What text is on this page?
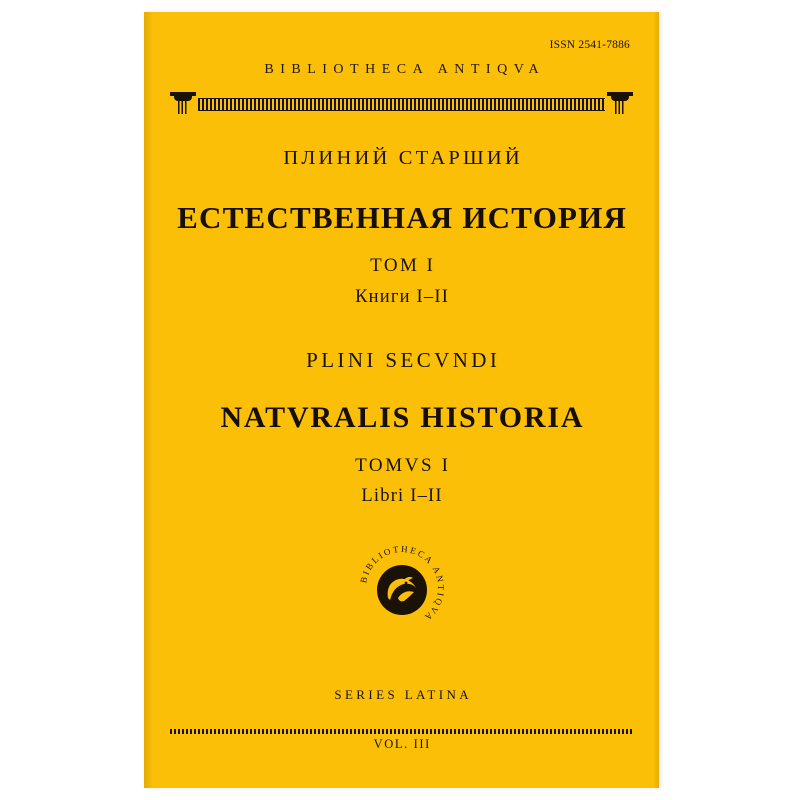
ISSN 2541-7886
BIBLIOTHECA ANTIQVA
ПЛИНИЙ СТАРШИЙ
ЕСТЕСТВЕННАЯ ИСТОРИЯ
ТОМ I
Книги I–II
PLINI SECVNDI
NATVRALIS HISTORIA
TOMVS I
Libri I–II
BIBLIOTHECA ANTIQVA
SERIES LATINA
VOL. III
